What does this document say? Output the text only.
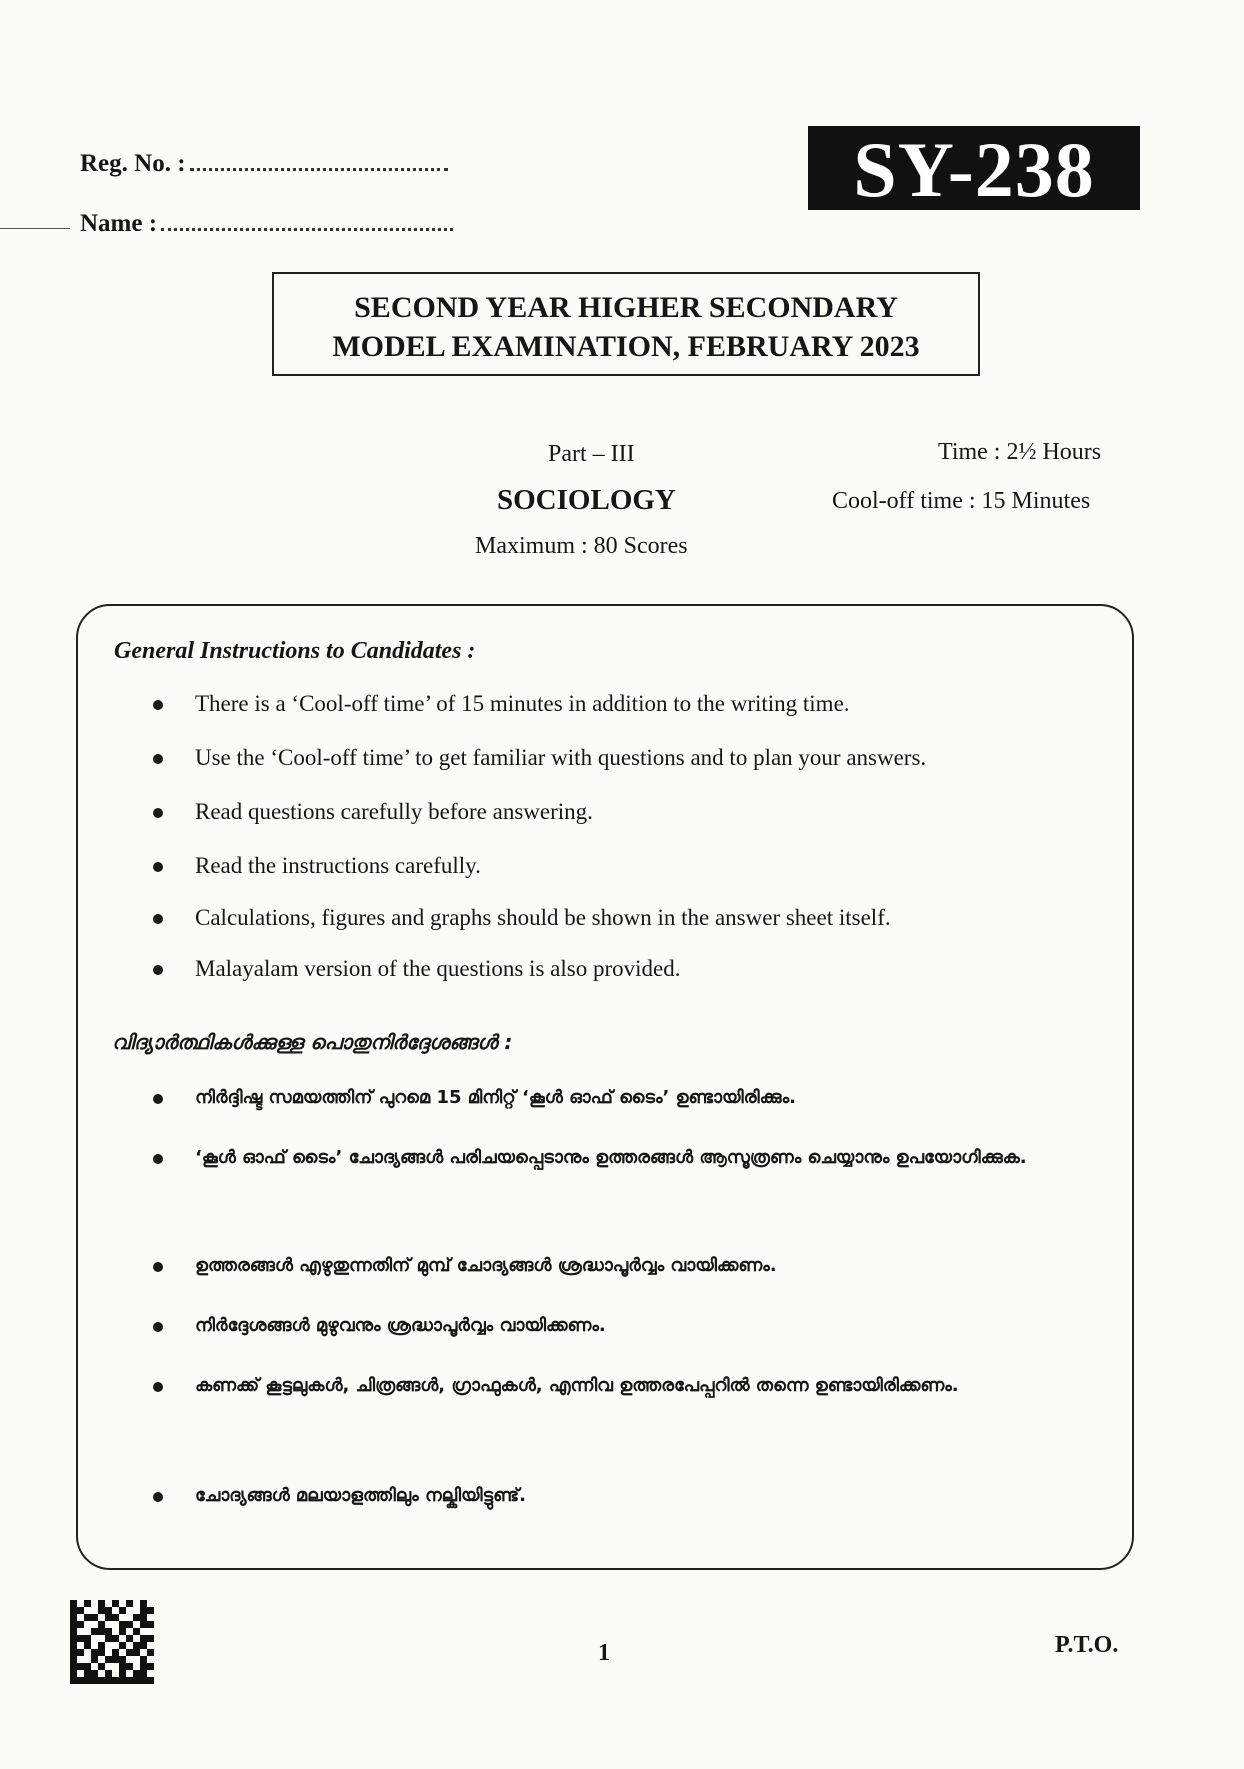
Reg. No. :
Name :
SY-238
SECOND YEAR HIGHER SECONDARY
MODEL EXAMINATION, FEBRUARY 2023
Part – III
SOCIOLOGY
Maximum : 80 Scores
Time : 2½ Hours
Cool-off time : 15 Minutes
General Instructions to Candidates :
There is a ‘Cool-off time’ of 15 minutes in addition to the writing time.
Use the ‘Cool-off time’ to get familiar with questions and to plan your answers.
Read questions carefully before answering.
Read the instructions carefully.
Calculations, figures and graphs should be shown in the answer sheet itself.
Malayalam version of the questions is also provided.
വിദ്യാർത്ഥികൾക്കുള്ള പൊതുനിർദ്ദേശങ്ങൾ :
നിർദ്ദിഷ്ട സമയത്തിന് പുറമെ 15 മിനിറ്റ് ‘കൂൾ ഓഫ് ടൈം’ ഉണ്ടായിരിക്കും.
‘കൂൾ ഓഫ് ടൈം’ ചോദ്യങ്ങൾ പരിചയപ്പെടാനും ഉത്തരങ്ങൾ ആസൂത്രണം ചെയ്യാനും ഉപയോഗിക്കുക.
ഉത്തരങ്ങൾ എഴുതുന്നതിന് മുമ്പ് ചോദ്യങ്ങൾ ശ്രദ്ധാപൂർവ്വം വായിക്കണം.
നിർദ്ദേശങ്ങൾ മുഴുവനും ശ്രദ്ധാപൂർവ്വം വായിക്കണം.
കണക്ക് കൂട്ടലുകൾ, ചിത്രങ്ങൾ, ഗ്രാഫുകൾ, എന്നിവ ഉത്തരപേപ്പറിൽ തന്നെ ഉണ്ടായിരിക്കണം.
ചോദ്യങ്ങൾ മലയാളത്തിലും നല്കിയിട്ടുണ്ട്.
1	P.T.O.
